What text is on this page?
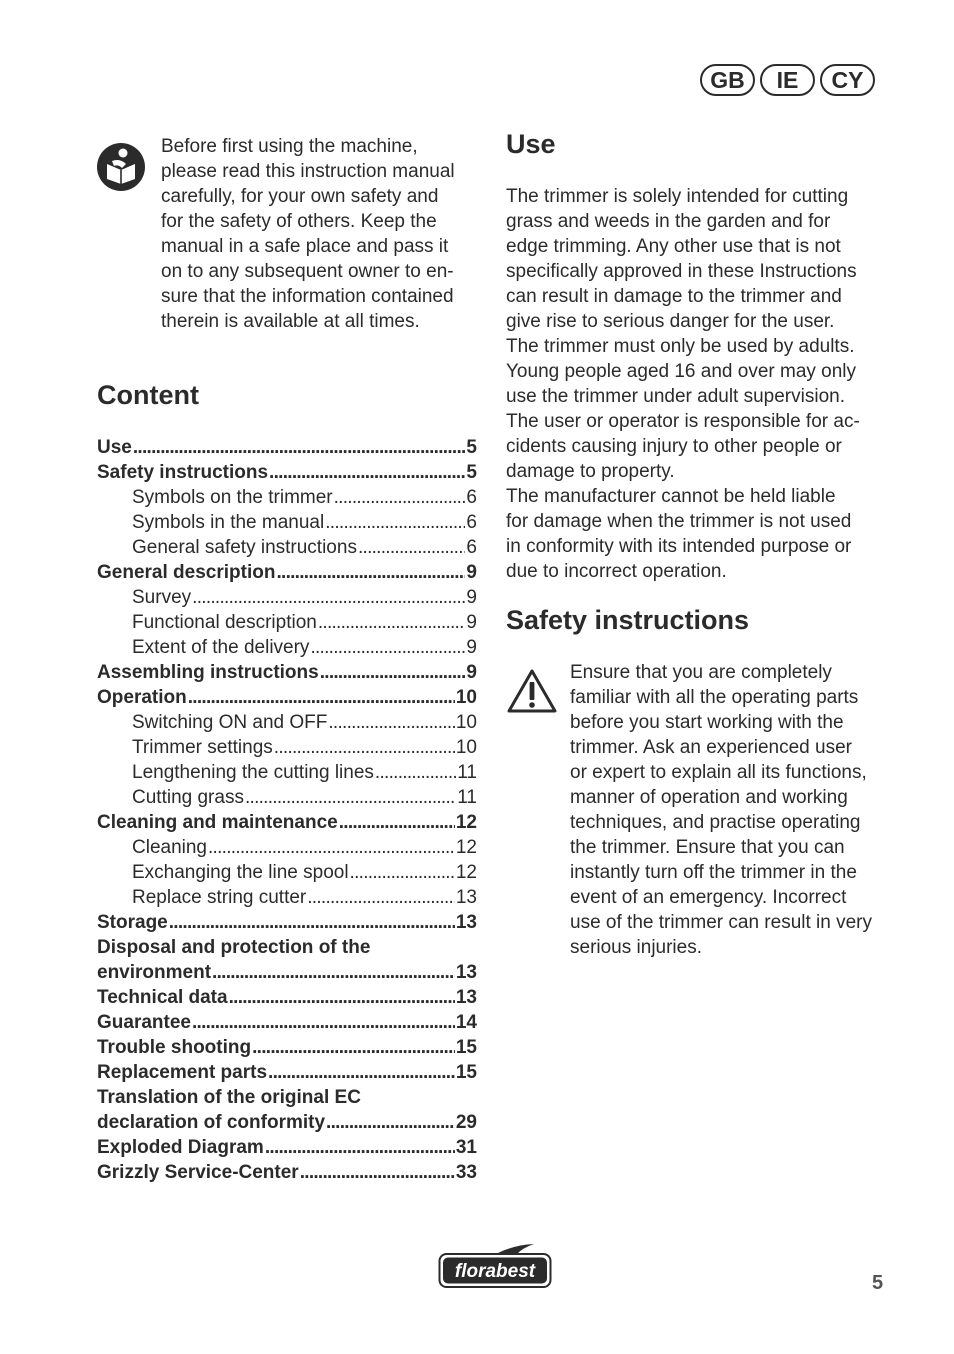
GB	IE	CY
Before first using the machine,
please read this instruction manual
carefully, for your own safety and
for the safety of others. Keep the
manual in a safe place and pass it
on to any subsequent owner to en-
sure that the information contained
therein is available at all times.
Content
Use . . .	5
Safety instructions . . .	5
Symbols on the trimmer . . .	6
Symbols in the manual . . .	6
General safety instructions . . .	6
General description . . .	9
Survey . . .	9
Functional description . . .	9
Extent of the delivery . . .	9
Assembling instructions . . .	9
Operation . . .	10
Switching ON and OFF . . .	10
Trimmer settings . . .	10
Lengthening the cutting lines . . .	11
Cutting grass . . .	11
Cleaning and maintenance . . .	12
Cleaning . . .	12
Exchanging the line spool . . .	12
Replace string cutter . . .	13
Storage . . .	13
Disposal and protection of the
environment . . .	13
Technical data . . .	13
Guarantee . . .	14
Trouble shooting . . .	15
Replacement parts . . .	15
Translation of the original EC
declaration of conformity . . .	29
Exploded Diagram . . .	31
Grizzly Service-Center . . .	33
Use
The trimmer is solely intended for cutting
grass and weeds in the garden and for
edge trimming. Any other use that is not
specifically approved in these Instructions
can result in damage to the trimmer and
give rise to serious danger for the user.
The trimmer must only be used by adults.
Young people aged 16 and over may only
use the trimmer under adult supervision.
The user or operator is responsible for ac-
cidents causing injury to other people or
damage to property.
The manufacturer cannot be held liable
for damage when the trimmer is not used
in conformity with its intended purpose or
due to incorrect operation.
Safety instructions
Ensure that you are completely
familiar with all the operating parts
before you start working with the
trimmer. Ask an experienced user
or expert to explain all its functions,
manner of operation and working
techniques, and practise operating
the trimmer. Ensure that you can
instantly turn off the trimmer in the
event of an emergency. Incorrect
use of the trimmer can result in very
serious injuries.
florabest
5
